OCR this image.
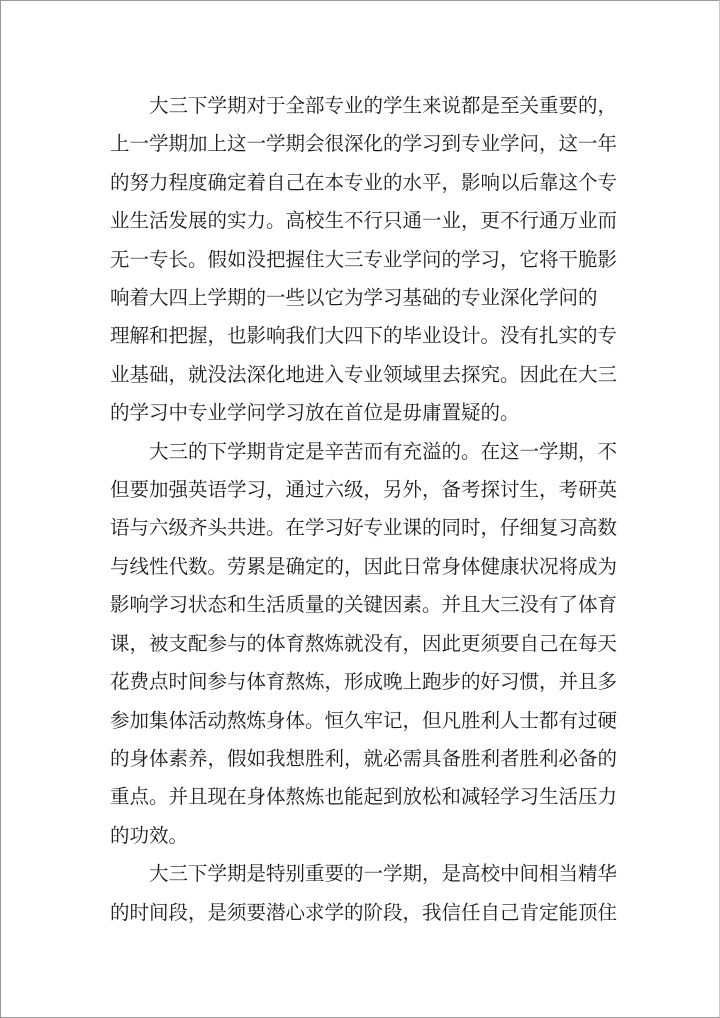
大三下学期对于全部专业的学生来说都是至关重要的，
上一学期加上这一学期会很深化的学习到专业学问，这一年
的努力程度确定着自己在本专业的水平，影响以后靠这个专
业生活发展的实力。高校生不行只通一业，更不行通万业而
无一专长。假如没把握住大三专业学问的学习，它将干脆影
响着大四上学期的一些以它为学习基础的专业深化学问的
理解和把握，也影响我们大四下的毕业设计。没有扎实的专
业基础，就没法深化地进入专业领域里去探究。因此在大三
的学习中专业学问学习放在首位是毋庸置疑的。

大三的下学期肯定是辛苦而有充溢的。在这一学期，不
但要加强英语学习，通过六级，另外，备考探讨生，考研英
语与六级齐头共进。在学习好专业课的同时，仔细复习高数
与线性代数。劳累是确定的，因此日常身体健康状况将成为
影响学习状态和生活质量的关键因素。并且大三没有了体育
课，被支配参与的体育熬炼就没有，因此更须要自己在每天
花费点时间参与体育熬炼，形成晚上跑步的好习惯，并且多
参加集体活动熬炼身体。恒久牢记，但凡胜利人士都有过硬
的身体素养，假如我想胜利，就必需具备胜利者胜利必备的
重点。并且现在身体熬炼也能起到放松和减轻学习生活压力
的功效。

大三下学期是特别重要的一学期，是高校中间相当精华
的时间段，是须要潜心求学的阶段，我信任自己肯定能顶住
